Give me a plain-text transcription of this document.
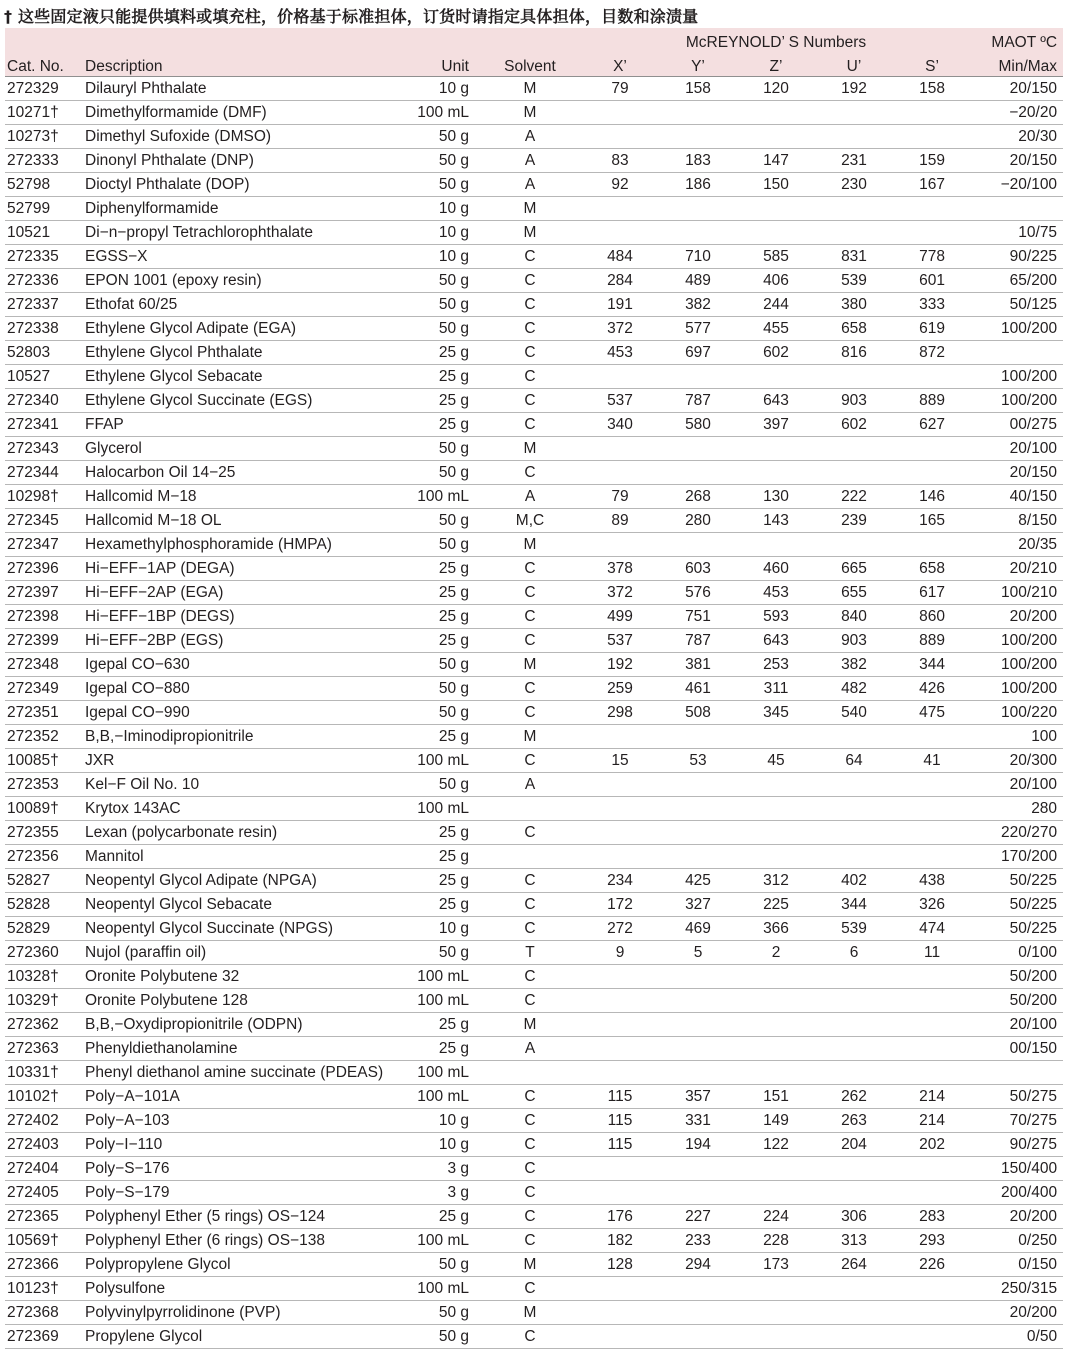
† 这些固定液只能提供填料或填充柱，价格基于标准担体，订货时请指定具体担体，目数和涂渍量
				McREYNOLD’ S Numbers					MAOT ºC
Cat. No.	Description	Unit	Solvent	X’	Y’	Z’	U’	S’	Min/Max
272329	Dilauryl Phthalate	10 g	M	79	158	120	192	158	20/150
10271†	Dimethylformamide (DMF)	100 mL	M						−20/20
10273†	Dimethyl Sufoxide (DMSO)	50 g	A						20/30
272333	Dinonyl Phthalate (DNP)	50 g	A	83	183	147	231	159	20/150
52798	Dioctyl Phthalate (DOP)	50 g	A	92	186	150	230	167	−20/100
52799	Diphenylformamide	10 g	M						
10521	Di−n−propyl Tetrachlorophthalate	10 g	M						10/75
272335	EGSS−X	10 g	C	484	710	585	831	778	90/225
272336	EPON 1001 (epoxy resin)	50 g	C	284	489	406	539	601	65/200
272337	Ethofat 60/25	50 g	C	191	382	244	380	333	50/125
272338	Ethylene Glycol Adipate (EGA)	50 g	C	372	577	455	658	619	100/200
52803	Ethylene Glycol Phthalate	25 g	C	453	697	602	816	872	
10527	Ethylene Glycol Sebacate	25 g	C						100/200
272340	Ethylene Glycol Succinate (EGS)	25 g	C	537	787	643	903	889	100/200
272341	FFAP	25 g	C	340	580	397	602	627	00/275
272343	Glycerol	50 g	M						20/100
272344	Halocarbon Oil 14−25	50 g	C						20/150
10298†	Hallcomid M−18	100 mL	A	79	268	130	222	146	40/150
272345	Hallcomid M−18 OL	50 g	M,C	89	280	143	239	165	8/150
272347	Hexamethylphosphoramide (HMPA)	50 g	M						20/35
272396	Hi−EFF−1AP (DEGA)	25 g	C	378	603	460	665	658	20/210
272397	Hi−EFF−2AP (EGA)	25 g	C	372	576	453	655	617	100/210
272398	Hi−EFF−1BP (DEGS)	25 g	C	499	751	593	840	860	20/200
272399	Hi−EFF−2BP (EGS)	25 g	C	537	787	643	903	889	100/200
272348	Igepal CO−630	50 g	M	192	381	253	382	344	100/200
272349	Igepal CO−880	50 g	C	259	461	311	482	426	100/200
272351	Igepal CO−990	50 g	C	298	508	345	540	475	100/220
272352	B,B,−Iminodipropionitrile	25 g	M						100
10085†	JXR	100 mL	C	15	53	45	64	41	20/300
272353	Kel−F Oil No. 10	50 g	A						20/100
10089†	Krytox 143AC	100 mL							280
272355	Lexan (polycarbonate resin)	25 g	C						220/270
272356	Mannitol	25 g							170/200
52827	Neopentyl Glycol Adipate (NPGA)	25 g	C	234	425	312	402	438	50/225
52828	Neopentyl Glycol Sebacate	25 g	C	172	327	225	344	326	50/225
52829	Neopentyl Glycol Succinate (NPGS)	10 g	C	272	469	366	539	474	50/225
272360	Nujol (paraffin oil)	50 g	T	9	5	2	6	11	0/100
10328†	Oronite Polybutene 32	100 mL	C						50/200
10329†	Oronite Polybutene 128	100 mL	C						50/200
272362	B,B,−Oxydipropionitrile (ODPN)	25 g	M						20/100
272363	Phenyldiethanolamine	25 g	A						00/150
10331†	Phenyl diethanol amine succinate (PDEAS)	100 mL							
10102†	Poly−A−101A	100 mL	C	115	357	151	262	214	50/275
272402	Poly−A−103	10 g	C	115	331	149	263	214	70/275
272403	Poly−I−110	10 g	C	115	194	122	204	202	90/275
272404	Poly−S−176	3 g	C						150/400
272405	Poly−S−179	3 g	C						200/400
272365	Polyphenyl Ether (5 rings) OS−124	25 g	C	176	227	224	306	283	20/200
10569†	Polyphenyl Ether (6 rings) OS−138	100 mL	C	182	233	228	313	293	0/250
272366	Polypropylene Glycol	50 g	M	128	294	173	264	226	0/150
10123†	Polysulfone	100 mL	C						250/315
272368	Polyvinylpyrrolidinone (PVP)	50 g	M						20/200
272369	Propylene Glycol	50 g	C						0/50
